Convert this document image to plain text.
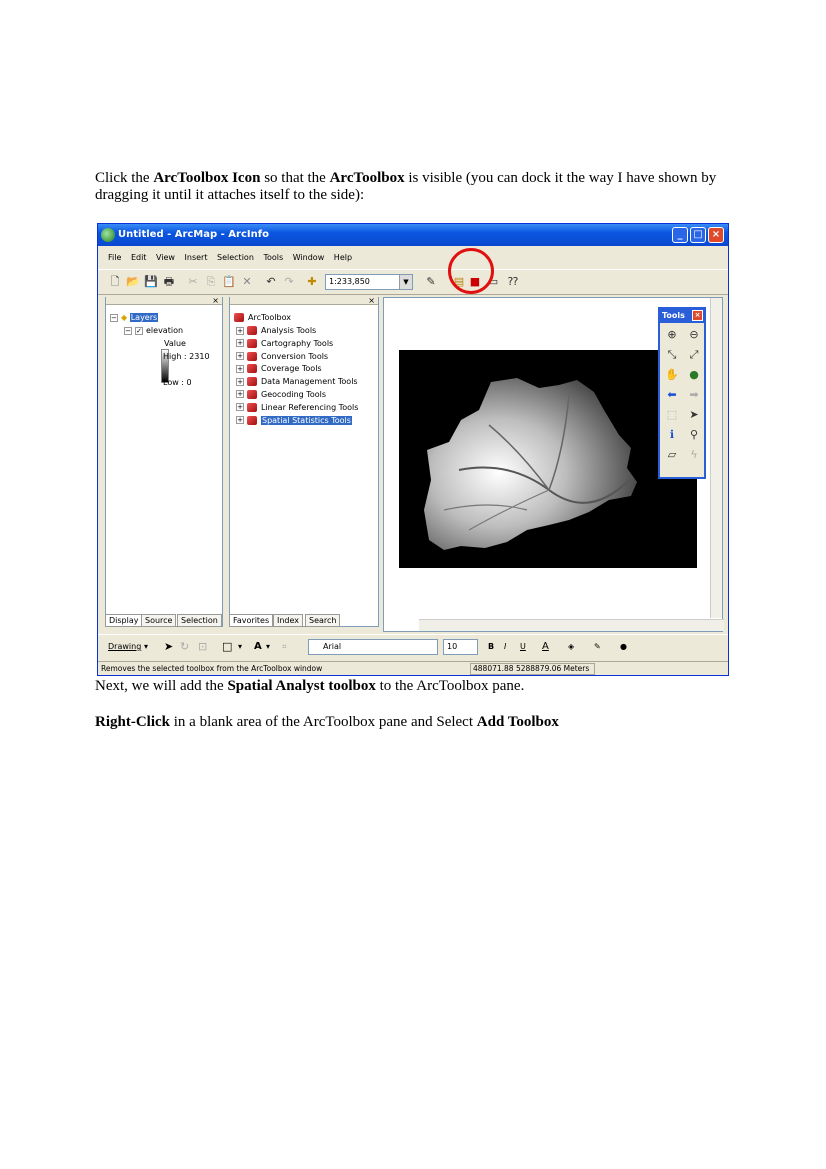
Click the ArcToolbox Icon so that the ArcToolbox is visible (you can dock it the way I have shown by dragging it until it attaches itself to the side):
Untitled - ArcMap - ArcInfo	_	□ ×
File Edit View Insert Selection Tools Window Help
🗋 📂 💾 🖶 ✂ ⎘ 📋 ✕ ↶ ↷ ✚	1:233,850	▼	✎ ▤ ■ ▭ ⁇
×
− ◆ Layers
− ✓ elevation
Value
High : 2310
Low : 0
Display Source	Selection
×
ArcToolbox
+ Analysis Tools
+ Cartography Tools
+ Conversion Tools
+ Coverage Tools
+ Data Management Tools
+ Geocoding Tools
+ Linear Referencing Tools
+ Spatial Statistics Tools
Favorites Index	Search
Tools	×
⊕	⊖
⤡	⤢
✋ ●
⬅	➡
⬚	➤
ℹ	⚲
⏥	ϟ
Drawing ▾ ➤ ↻ ⊡ □ ▾ A ▾ ⌗	Arial	10	B I U A ◈ ✎ ●
Removes the selected toolbox from the ArcToolbox window	488071.88 5288879.06 Meters
Next, we will add the Spatial Analyst toolbox to the ArcToolbox pane.
Right-Click in a blank area of the ArcToolbox pane and Select Add Toolbox
